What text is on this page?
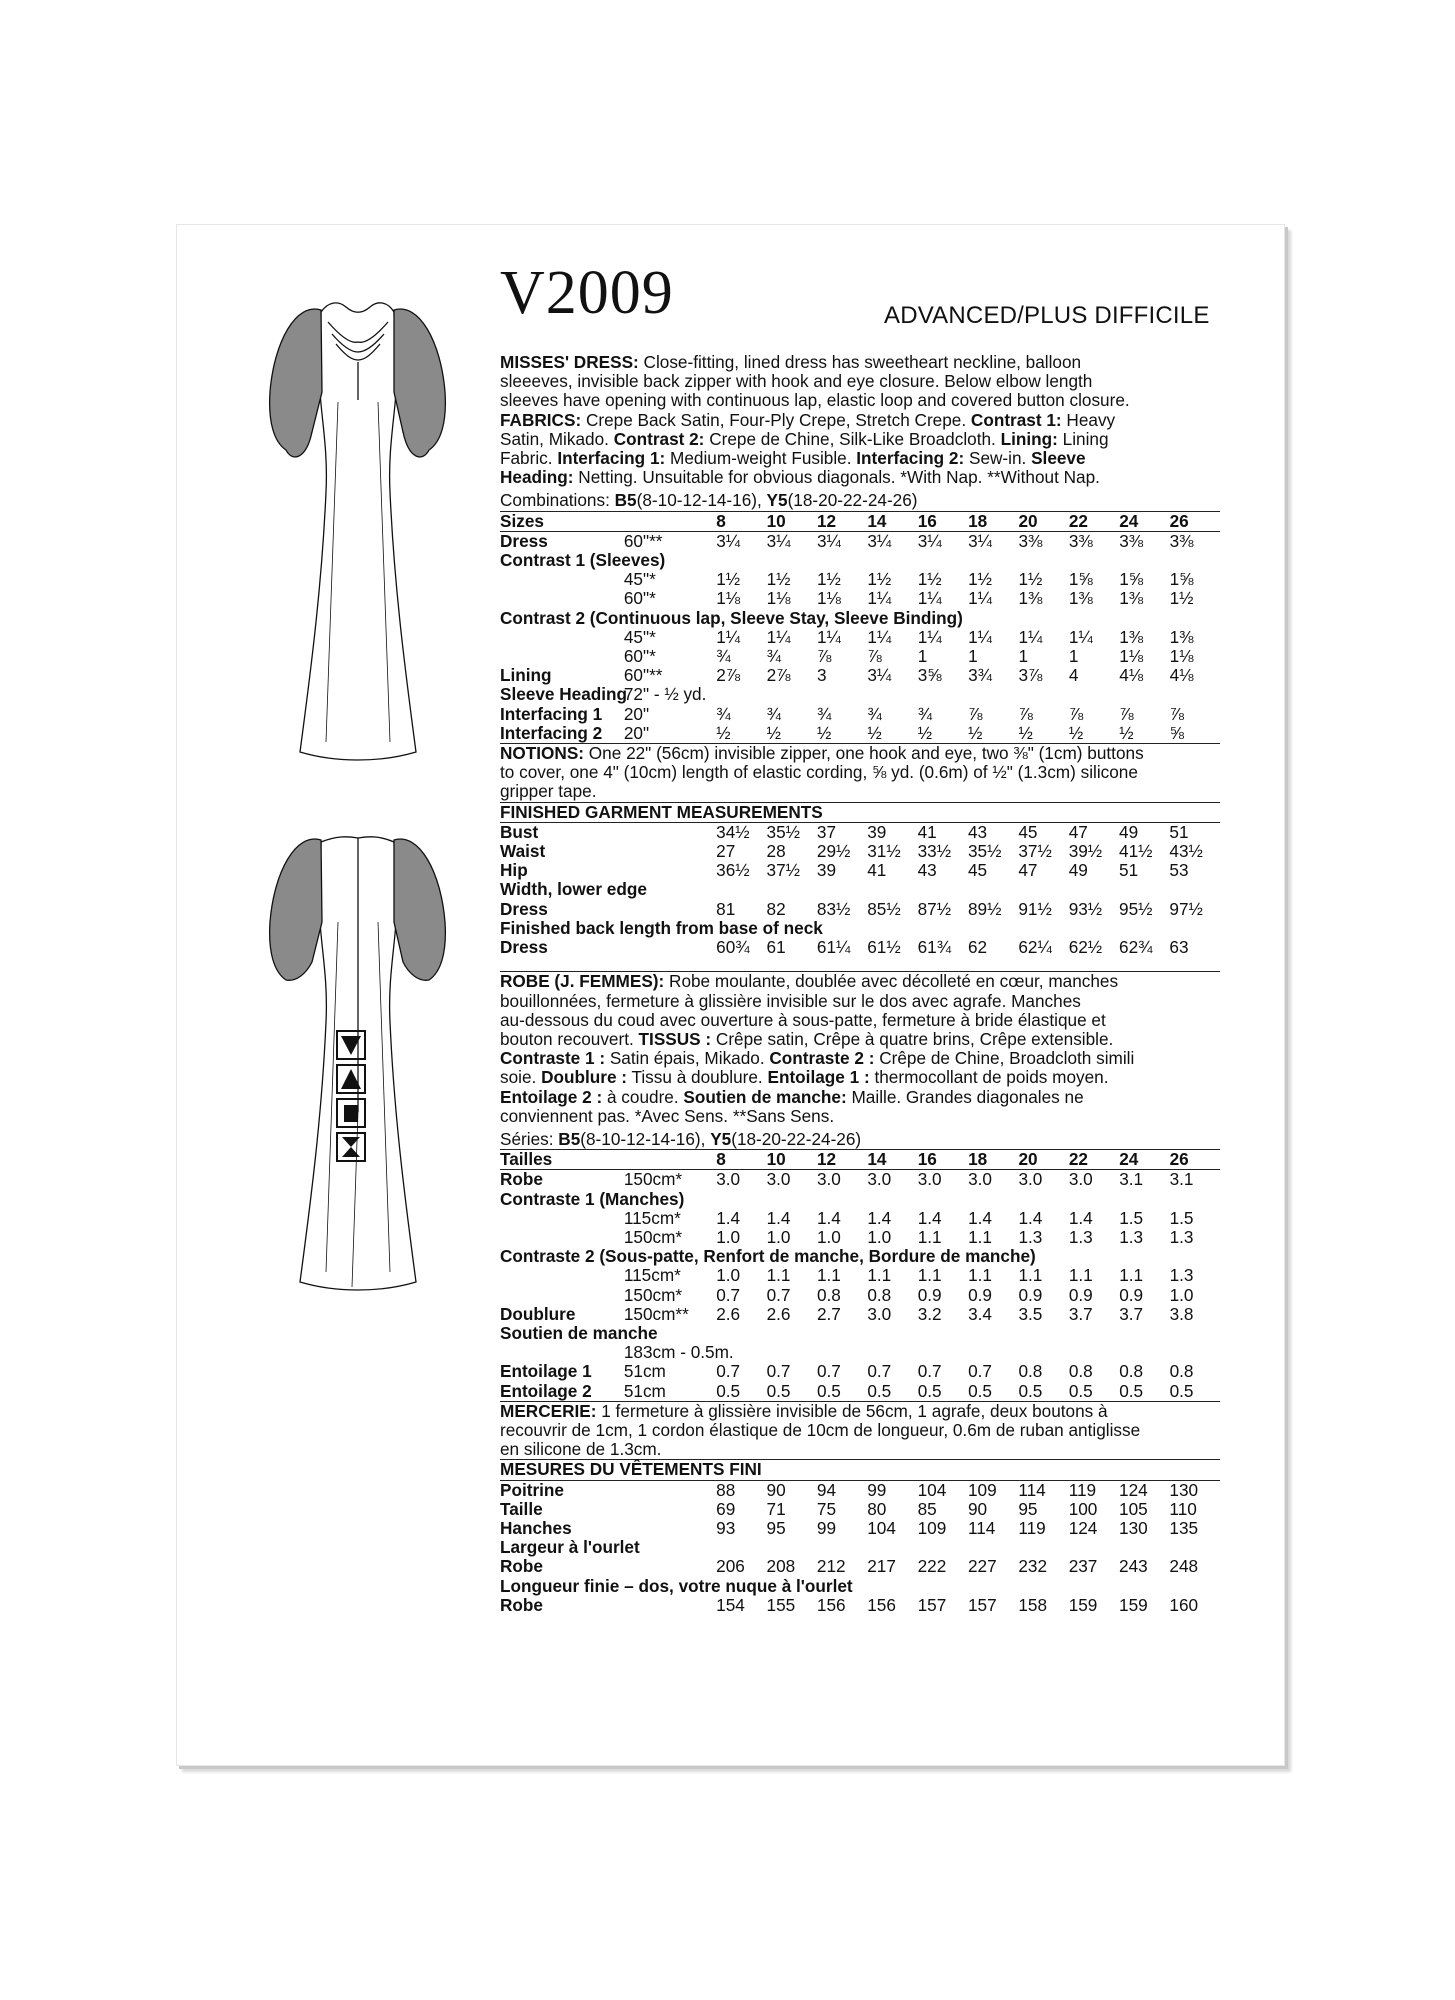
V2009	ADVANCED/PLUS DIFFICILE

MISSES' DRESS: Close-fitting, lined dress has sweetheart neckline, balloon
sleeeves, invisible back zipper with hook and eye closure. Below elbow length
sleeves have opening with continuous lap, elastic loop and covered button closure.
FABRICS: Crepe Back Satin, Four-Ply Crepe, Stretch Crepe. Contrast 1: Heavy
Satin, Mikado. Contrast 2: Crepe de Chine, Silk-Like Broadcloth. Lining: Lining
Fabric. Interfacing 1: Medium-weight Fusible. Interfacing 2: Sew-in. Sleeve
Heading: Netting. Unsuitable for obvious diagonals. *With Nap. **Without Nap.

Combinations: B5(8-10-12-14-16), Y5(18-20-22-24-26)

Sizes		8	10	12	14	16	18	20	22	24	26
Dress	60"**	3¼	3¼	3¼	3¼	3¼	3¼	3⅜	3⅜	3⅜	3⅜
Contrast 1 (Sleeves)											
	45"*	1½	1½	1½	1½	1½	1½	1½	1⅝	1⅝	1⅝
	60"*	1⅛	1⅛	1⅛	1¼	1¼	1¼	1⅜	1⅜	1⅜	1½
Contrast 2 (Continuous lap, Sleeve Stay, Sleeve Binding)											
	45"*	1¼	1¼	1¼	1¼	1¼	1¼	1¼	1¼	1⅜	1⅜
	60"*	¾	¾	⅞	⅞	1	1	1	1	1⅛	1⅛
Lining	60"**	2⅞	2⅞	3	3¼	3⅝	3¾	3⅞	4	4⅛	4⅛
Sleeve Heading	72" - ½ yd.										
Interfacing 1	20"	¾	¾	¾	¾	¾	⅞	⅞	⅞	⅞	⅞
Interfacing 2	20"	½	½	½	½	½	½	½	½	½	⅝

NOTIONS: One 22" (56cm) invisible zipper, one hook and eye, two ⅜" (1cm) buttons
to cover, one 4" (10cm) length of elastic cording, ⅝ yd. (0.6m) of ½" (1.3cm) silicone
gripper tape.

FINISHED GARMENT MEASUREMENTS										
Bust	34½	35½	37	39	41	43	45	47	49	51
Waist	27	28	29½	31½	33½	35½	37½	39½	41½	43½
Hip	36½	37½	39	41	43	45	47	49	51	53
Width, lower edge										
Dress	81	82	83½	85½	87½	89½	91½	93½	95½	97½
Finished back length from base of neck										
Dress	60¾	61	61¼	61½	61¾	62	62¼	62½	62¾	63

ROBE (J. FEMMES): Robe moulante, doublée avec décolleté en cœur, manches
bouillonnées, fermeture à glissière invisible sur le dos avec agrafe. Manches
au-dessous du coud avec ouverture à sous-patte, fermeture à bride élastique et
bouton recouvert. TISSUS : Crêpe satin, Crêpe à quatre brins, Crêpe extensible.
Contraste 1 : Satin épais, Mikado. Contraste 2 : Crêpe de Chine, Broadcloth simili
soie. Doublure : Tissu à doublure. Entoilage 1 : thermocollant de poids moyen.
Entoilage 2 : à coudre. Soutien de manche: Maille. Grandes diagonales ne
conviennent pas. *Avec Sens. **Sans Sens.

Séries: B5(8-10-12-14-16), Y5(18-20-22-24-26)

Tailles		8	10	12	14	16	18	20	22	24	26
Robe	150cm*	3.0	3.0	3.0	3.0	3.0	3.0	3.0	3.0	3.1	3.1
Contraste 1 (Manches)											
	115cm*	1.4	1.4	1.4	1.4	1.4	1.4	1.4	1.4	1.5	1.5
	150cm*	1.0	1.0	1.0	1.0	1.1	1.1	1.3	1.3	1.3	1.3
Contraste 2 (Sous-patte, Renfort de manche, Bordure de manche)											
	115cm*	1.0	1.1	1.1	1.1	1.1	1.1	1.1	1.1	1.1	1.3
	150cm*	0.7	0.7	0.8	0.8	0.9	0.9	0.9	0.9	0.9	1.0
Doublure	150cm**	2.6	2.6	2.7	3.0	3.2	3.4	3.5	3.7	3.7	3.8
Soutien de manche											
	183cm - 0.5m.										
Entoilage 1	51cm	0.7	0.7	0.7	0.7	0.7	0.7	0.8	0.8	0.8	0.8
Entoilage 2	51cm	0.5	0.5	0.5	0.5	0.5	0.5	0.5	0.5	0.5	0.5

MERCERIE: 1 fermeture à glissière invisible de 56cm, 1 agrafe, deux boutons à
recouvrir de 1cm, 1 cordon élastique de 10cm de longueur, 0.6m de ruban antiglisse
en silicone de 1.3cm.

MESURES DU VÊTEMENTS FINI										
Poitrine	88	90	94	99	104	109	114	119	124	130
Taille	69	71	75	80	85	90	95	100	105	110
Hanches	93	95	99	104	109	114	119	124	130	135
Largeur à l'ourlet										
Robe	206	208	212	217	222	227	232	237	243	248
Longueur finie – dos, votre nuque à l'ourlet										
Robe	154	155	156	156	157	157	158	159	159	160
